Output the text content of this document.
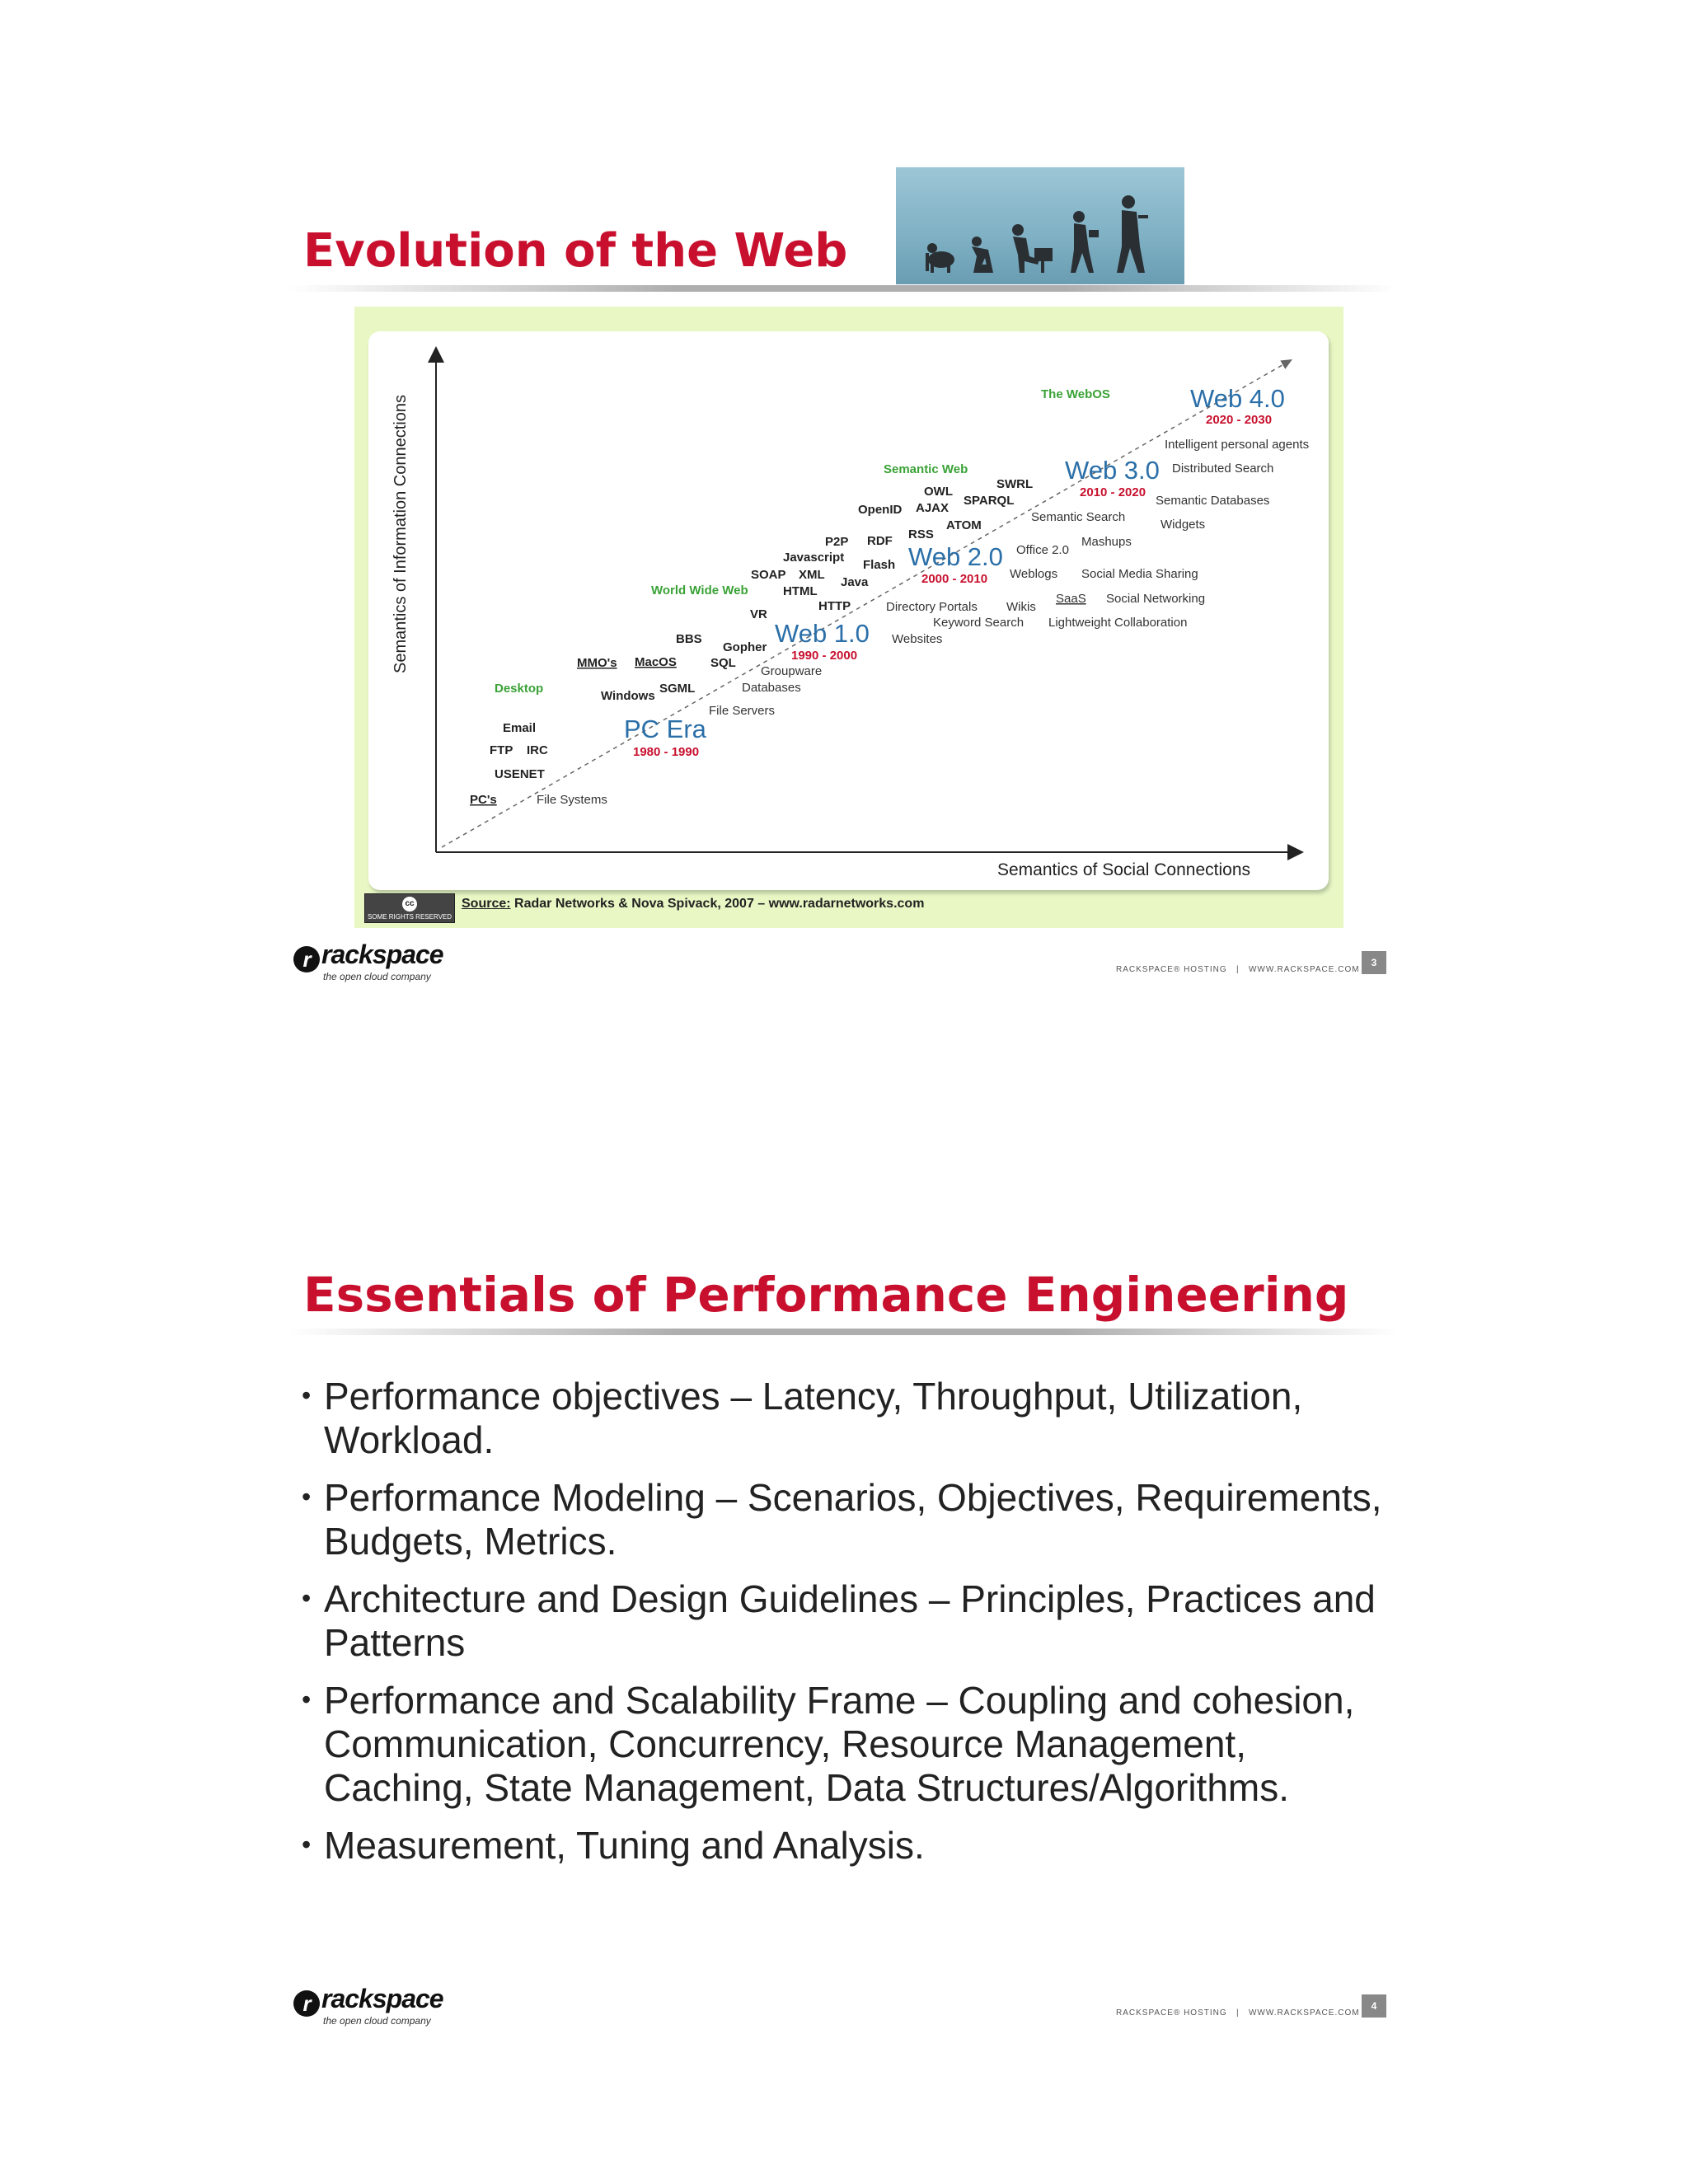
Evolution of the Web
Semantics of Information Connections
Semantics of Social Connections
Desktop
PC Era
1980 - 1990
Email
FTP IRC
USENET
PC's
MMO's MacOS
Windows
SGML
File Systems
File Servers
Databases
World Wide Web
Web 1.0
1990 - 2000
BBS
Gopher
SQL
VR
HTML
HTTP
SOAP XML
Javascript
Java
Groupware
Websites
Directory Portals
Keyword Search
Semantic Web
Web 2.0
2000 - 2010
P2P RDF RSS
Flash
OpenID AJAX
ATOM
OWL
SPARQL
SWRL
Office 2.0
Weblogs
Wikis
SaaS
Social Media Sharing
Social Networking
Lightweight Collaboration
Mashups
Web 3.0
2010 - 2020
Semantic Search
Semantic Databases
Widgets
Distributed Search
The WebOS	Web 4.0
2020 - 2030
Intelligent personal agents
cc
SOME RIGHTS RESERVED
Source: Radar Networks & Nova Spivack, 2007 – www.radarnetworks.com
r rackspace
the open cloud company
RACKSPACE® HOSTING | WWW.RACKSPACE.COM
3
Essentials of Performance Engineering
• Performance objectives – Latency, Throughput, Utilization, Workload.
• Performance Modeling – Scenarios, Objectives, Requirements, Budgets, Metrics.
• Architecture and Design Guidelines – Principles, Practices and Patterns
• Performance and Scalability Frame – Coupling and cohesion, Communication, Concurrency, Resource Management, Caching, State Management, Data Structures/Algorithms.
• Measurement, Tuning and Analysis.
r rackspace
the open cloud company
RACKSPACE® HOSTING | WWW.RACKSPACE.COM
4
